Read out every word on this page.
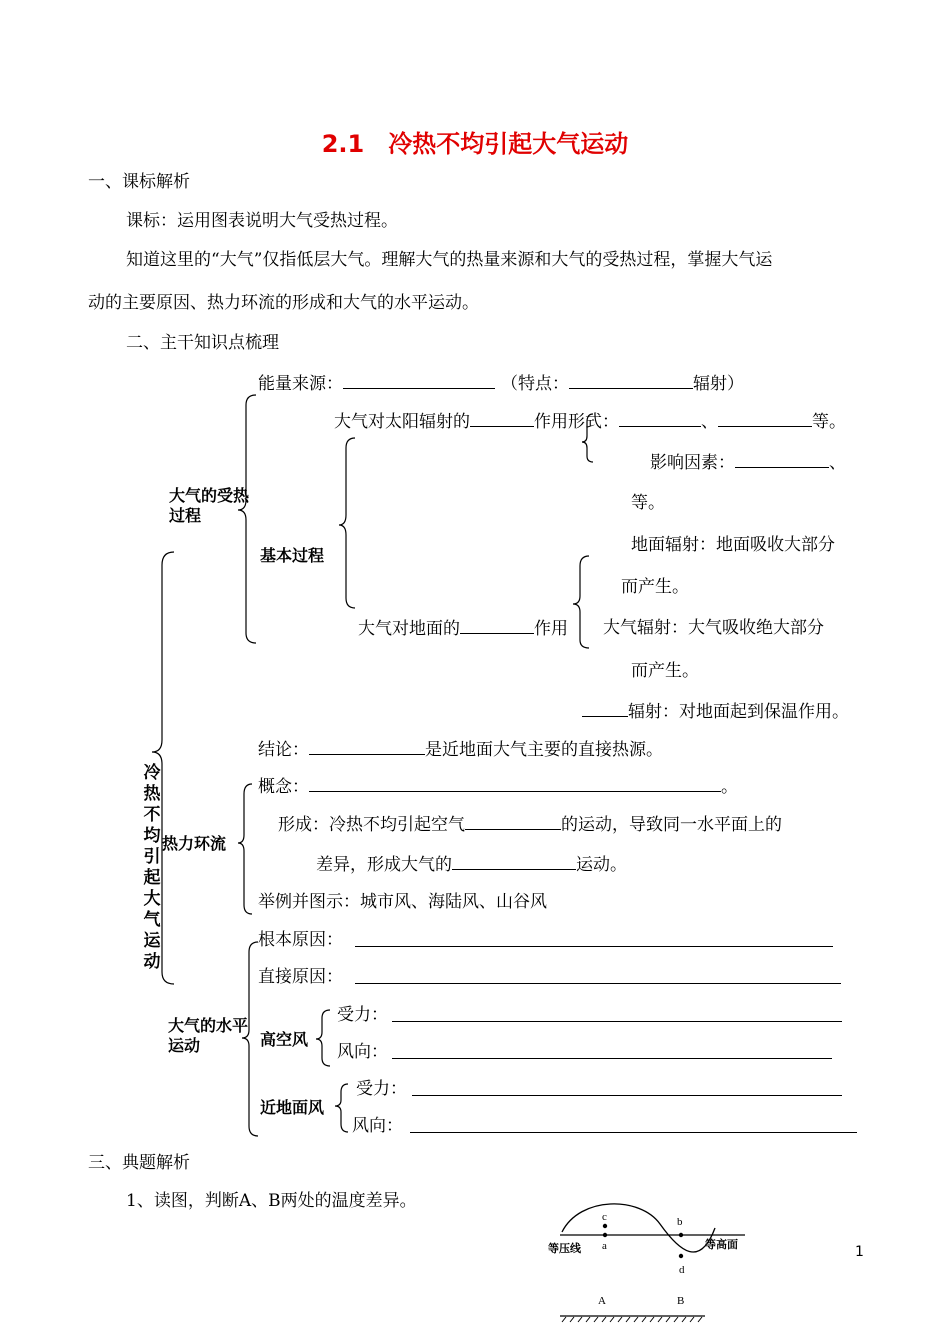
2.1　冷热不均引起大气运动
一、课标解析
课标：运用图表说明大气受热过程。
知道这里的“大气”仅指低层大气。理解大气的热量来源和大气的受热过程，掌握大气运
动的主要原因、热力环流的形成和大气的水平运动。
二、主干知识点梳理
冷热不均引起大气运动
大气的受热过程
能量来源：	（特点：	辐射）
大气对太阳辐射的	作用形式：	、	等。
影响因素：	、
等。
基本过程
地面辐射：地面吸收大部分
而产生。
大气对地面的	作用 大气辐射：大气吸收绝大部分
而产生。
辐射：对地面起到保温作用。
结论：	是近地面大气主要的直接热源。
热力环流
概念：	。
形成：冷热不均引起空气	的运动，导致同一水平面上的
差异，形成大气的	运动。
举例并图示：城市风、海陆风、山谷风
大气的水平运动
根本原因：
直接原因：
高空风
受力：
风向：
近地面风
受力：
风向：
三、典题解析
1、读图，判断A、B两处的温度差异。
c
a
b
d
A	B
等压线	等高面	1
